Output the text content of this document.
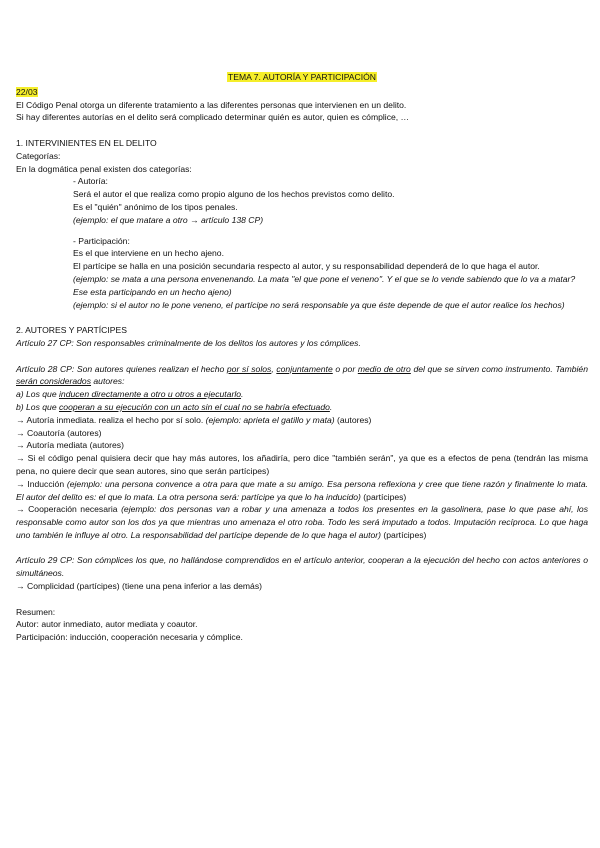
TEMA 7. AUTORÍA Y PARTICIPACIÓN

22/03

El Código Penal otorga un diferente tratamiento a las diferentes personas que intervienen en un delito.

Si hay diferentes autorías en el delito será complicado determinar quién es autor, quien es cómplice, …

1. INTERVINIENTES EN EL DELITO

Categorías:

En la dogmática penal existen dos categorías:

- Autoría:

Será el autor el que realiza como propio alguno de los hechos previstos como delito.

Es el "quién" anónimo de los tipos penales.

(ejemplo: el que matare a otro → artículo 138 CP)

- Participación:

Es el que interviene en un hecho ajeno.

El partícipe se halla en una posición secundaria respecto al autor, y su responsabilidad dependerá de lo que haga el autor.

(ejemplo: se mata a una persona envenenando. La mata "el que pone el veneno". Y el que se lo vende sabiendo que lo va a matar? Ese esta participando en un hecho ajeno)

(ejemplo: si el autor no le pone veneno, el partícipe no será responsable ya que éste depende de que el autor realice los hechos)

2. AUTORES Y PARTÍCIPES

Artículo 27 CP: Son responsables criminalmente de los delitos los autores y los cómplices.

Artículo 28 CP: Son autores quienes realizan el hecho por sí solos, conjuntamente o por medio de otro del que se sirven como instrumento. También serán considerados autores:

a) Los que inducen directamente a otro u otros a ejecutarlo.

b) Los que cooperan a su ejecución con un acto sin el cual no se habría efectuado.

→ Autoría inmediata. realiza el hecho por sí solo. (ejemplo: aprieta el gatillo y mata) (autores)

→ Coautoría (autores)

→ Autoría mediata (autores)

→ Si el código penal quisiera decir que hay más autores, los añadiría, pero dice "también serán", ya que es a efectos de pena (tendrán las misma pena, no quiere decir que sean autores, sino que serán partícipes)

→ Inducción (ejemplo: una persona convence a otra para que mate a su amigo. Esa persona reflexiona y cree que tiene razón y finalmente lo mata. El autor del delito es: el que lo mata. La otra persona será: partícipe ya que lo ha inducido) (partícipes)

→ Cooperación necesaria (ejemplo: dos personas van a robar y una amenaza a todos los presentes en la gasolinera, pase lo que pase ahí, los responsable como autor son los dos ya que mientras uno amenaza el otro roba. Todo les será imputado a todos. Imputación recíproca. Lo que haga uno también le influye al otro. La responsabilidad del partícipe depende de lo que haga el autor) (partícipes)

Artículo 29 CP: Son cómplices los que, no hallándose comprendidos en el artículo anterior, cooperan a la ejecución del hecho con actos anteriores o simultáneos.

→ Complicidad (partícipes) (tiene una pena inferior a las demás)

Resumen:

Autor: autor inmediato, autor mediata y coautor.

Participación: inducción, cooperación necesaria y cómplice.
